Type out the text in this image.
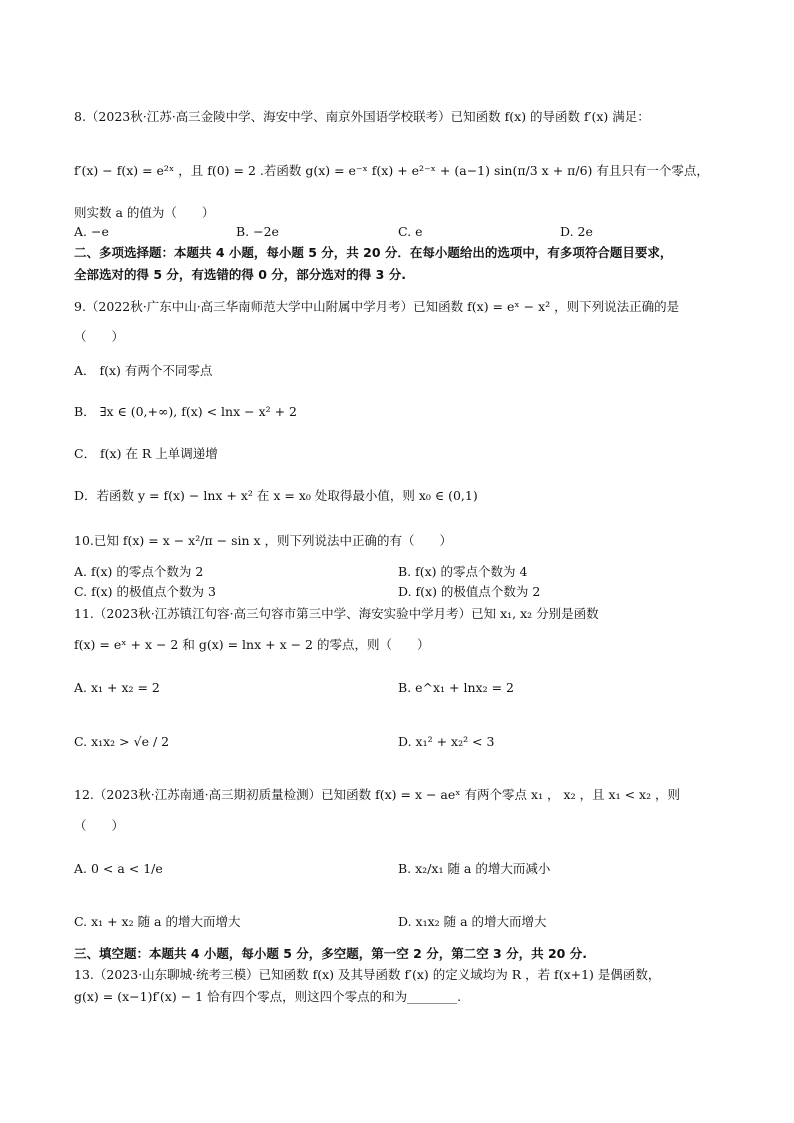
8.（2023秋·江苏·高三金陵中学、海安中学、南京外国语学校联考）已知函数 f(x) 的导函数 f′(x) 满足：
f′(x) − f(x) = e²ˣ ，且 f(0) = 2 .若函数 g(x) = e⁻ˣ f(x) + e²⁻ˣ + (a−1) sin(π/3 x + π/6) 有且只有一个零点，
则实数 a 的值为（　　）
A. −e	B. −2e	C. e	D. 2e
二、多项选择题：本题共 4 小题，每小题 5 分，共 20 分．在每小题给出的选项中，有多项符合题目要求，
全部选对的得 5 分，有选错的得 0 分，部分选对的得 3 分.
9.（2022秋·广东中山·高三华南师范大学中山附属中学月考）已知函数 f(x) = eˣ − x² ，则下列说法正确的是
（　　）
A． f(x) 有两个不同零点
B． ∃x ∈ (0,+∞), f(x) < lnx − x² + 2
C． f(x) 在 R 上单调递增
D．若函数 y = f(x) − lnx + x² 在 x = x₀ 处取得最小值，则 x₀ ∈ (0,1)
10.已知 f(x) = x − x²/π − sin x ，则下列说法中正确的有（　　）
A. f(x) 的零点个数为 2	B. f(x) 的零点个数为 4
C. f(x) 的极值点个数为 3	D. f(x) 的极值点个数为 2
11.（2023秋·江苏镇江句容·高三句容市第三中学、海安实验中学月考）已知 x₁, x₂ 分别是函数
f(x) = eˣ + x − 2 和 g(x) = lnx + x − 2 的零点，则（　　）
A. x₁ + x₂ = 2	B. e^x₁ + lnx₂ = 2
C. x₁x₂ > √e / 2	D. x₁² + x₂² < 3
12.（2023秋·江苏南通·高三期初质量检测）已知函数 f(x) = x − aeˣ 有两个零点 x₁ ， x₂ ，且 x₁ < x₂ ，则
（　　）
A. 0 < a < 1/e	B. x₂/x₁ 随 a 的增大而减小
C. x₁ + x₂ 随 a 的增大而增大	D. x₁x₂ 随 a 的增大而增大
三、填空题：本题共 4 小题，每小题 5 分，多空题，第一空 2 分，第二空 3 分，共 20 分.
13.（2023·山东聊城·统考三模）已知函数 f(x) 及其导函数 f′(x) 的定义域均为 R ，若 f(x+1) 是偶函数，
g(x) = (x−1)f′(x) − 1 恰有四个零点，则这四个零点的和为________.
